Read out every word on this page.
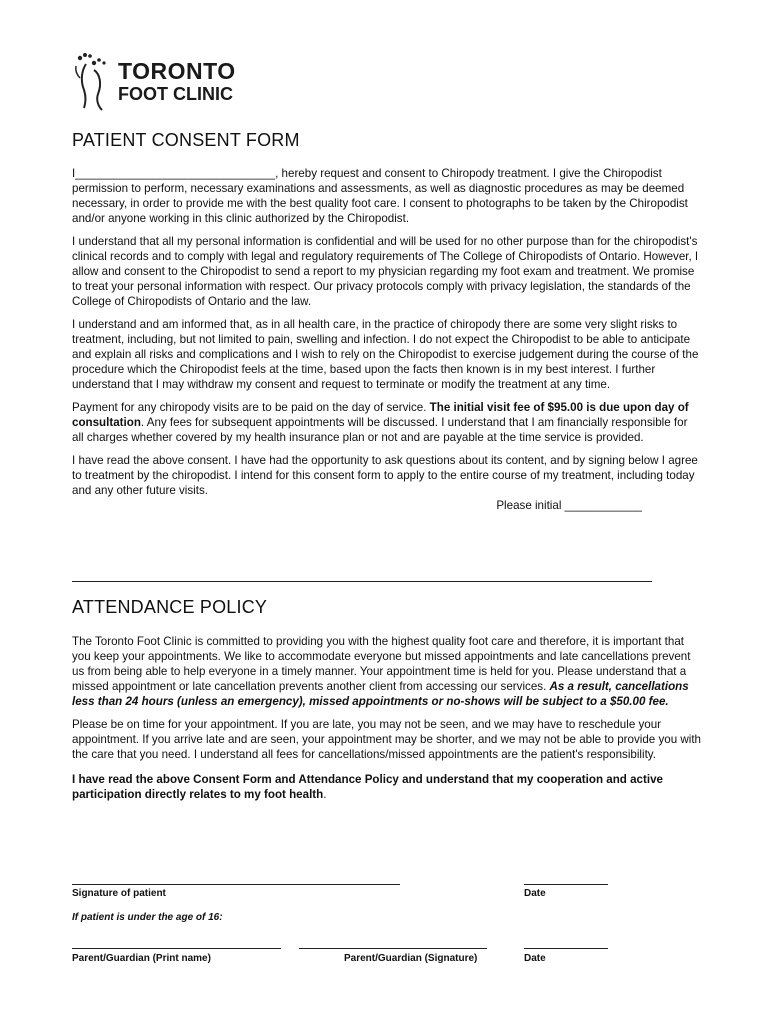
TORONTO
FOOT CLINIC
PATIENT CONSENT FORM

I_______________________________, hereby request and consent to Chiropody treatment. I give the Chiropodist permission to perform, necessary examinations and assessments, as well as diagnostic procedures as may be deemed necessary, in order to provide me with the best quality foot care. I consent to photographs to be taken by the Chiropodist and/or anyone working in this clinic authorized by the Chiropodist.

I understand that all my personal information is confidential and will be used for no other purpose than for the chiropodist's clinical records and to comply with legal and regulatory requirements of The College of Chiropodists of Ontario. However, I allow and consent to the Chiropodist to send a report to my physician regarding my foot exam and treatment. We promise to treat your personal information with respect. Our privacy protocols comply with privacy legislation, the standards of the College of Chiropodists of Ontario and the law.

I understand and am informed that, as in all health care, in the practice of chiropody there are some very slight risks to treatment, including, but not limited to pain, swelling and infection. I do not expect the Chiropodist to be able to anticipate and explain all risks and complications and I wish to rely on the Chiropodist to exercise judgement during the course of the procedure which the Chiropodist feels at the time, based upon the facts then known is in my best interest. I further understand that I may withdraw my consent and request to terminate or modify the treatment at any time.

Payment for any chiropody visits are to be paid on the day of service. The initial visit fee of $95.00 is due upon day of consultation. Any fees for subsequent appointments will be discussed. I understand that I am financially responsible for all charges whether covered by my health insurance plan or not and are payable at the time service is provided.

I have read the above consent. I have had the opportunity to ask questions about its content, and by signing below I agree to treatment by the chiropodist. I intend for this consent form to apply to the entire course of my treatment, including today and any other future visits.

Please initial ____________

ATTENDANCE POLICY

The Toronto Foot Clinic is committed to providing you with the highest quality foot care and therefore, it is important that you keep your appointments. We like to accommodate everyone but missed appointments and late cancellations prevent us from being able to help everyone in a timely manner. Your appointment time is held for you. Please understand that a missed appointment or late cancellation prevents another client from accessing our services. As a result, cancellations less than 24 hours (unless an emergency), missed appointments or no-shows will be subject to a $50.00 fee.

Please be on time for your appointment. If you are late, you may not be seen, and we may have to reschedule your appointment. If you arrive late and are seen, your appointment may be shorter, and we may not be able to provide you with the care that you need. I understand all fees for cancellations/missed appointments are the patient's responsibility.

I have read the above Consent Form and Attendance Policy and understand that my cooperation and active participation directly relates to my foot health.

Signature of patient	Date
If patient is under the age of 16:
Parent/Guardian (Print name)	Parent/Guardian (Signature)	Date
